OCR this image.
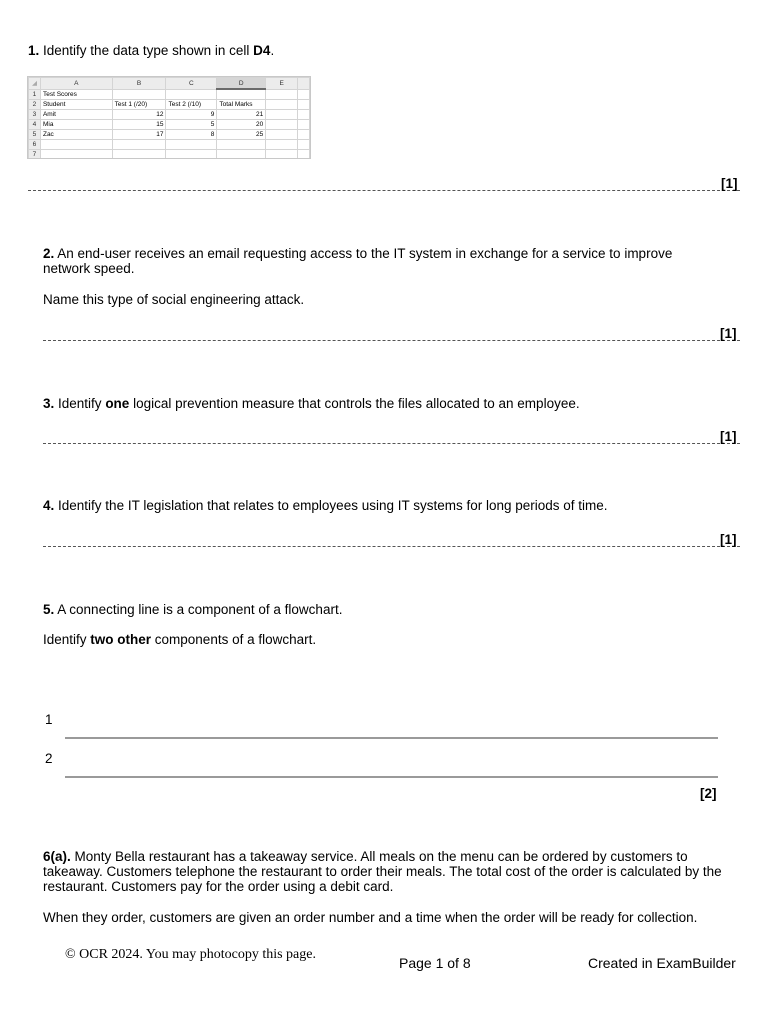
1. Identify the data type shown in cell D4.
◢	A	B	C	D	E	
1	Test Scores					
2	Student	Test 1 (/20)	Test 2 (/10)	Total Marks		
3	Amit	12	9	21		
4	Mia	15	5	20		
5	Zac	17	8	25		
6						
7						
[1]
2. An end-user receives an email requesting access to the IT system in exchange for a service to improve network speed.
Name this type of social engineering attack.
[1]
3. Identify one logical prevention measure that controls the files allocated to an employee.
[1]
4. Identify the IT legislation that relates to employees using IT systems for long periods of time.
[1]
5. A connecting line is a component of a flowchart.
Identify two other components of a flowchart.
1
2
[2]
6(a). Monty Bella restaurant has a takeaway service. All meals on the menu can be ordered by customers to takeaway. Customers telephone the restaurant to order their meals. The total cost of the order is calculated by the restaurant. Customers pay for the order using a debit card.
When they order, customers are given an order number and a time when the order will be ready for collection.
© OCR 2024. You may photocopy this page.
Page 1 of 8	Created in ExamBuilder
